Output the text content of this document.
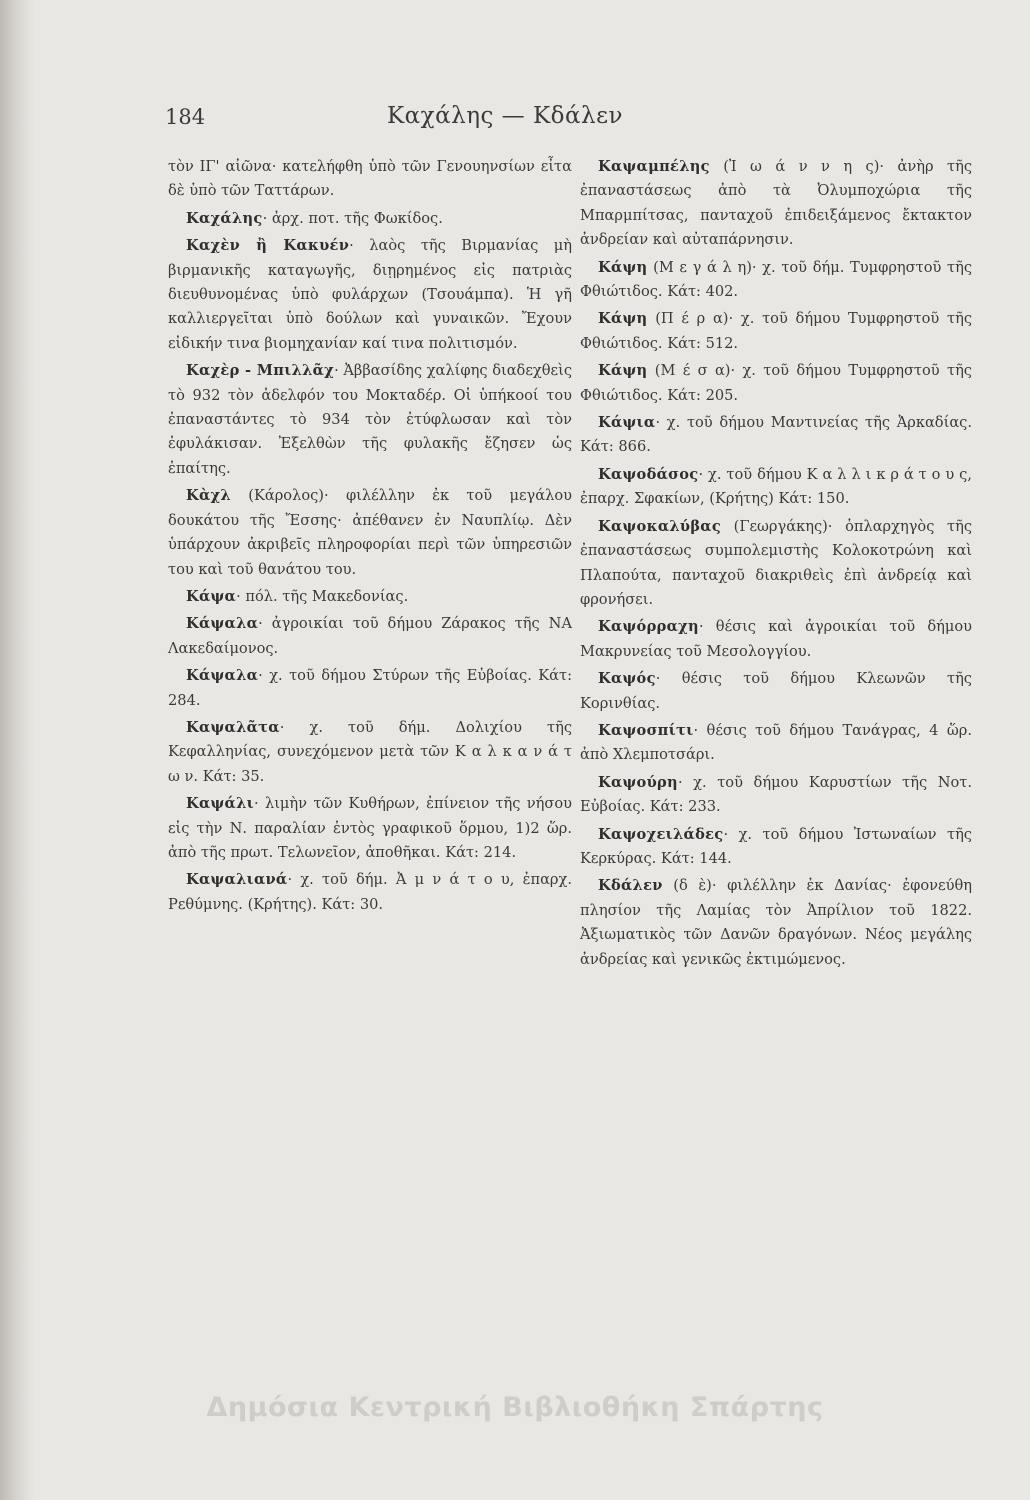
184	Καχάλης — Κδάλεν

τὸν ΙΓ' αἰῶνα· κατελήφθη ὑπὸ τῶν Γενουηνσίων εἶτα δὲ ὑπὸ τῶν Ταττάρων.

Καχάλης· ἀρχ. ποτ. τῆς Φωκίδος.

Καχὲν ἢ Κακυέν· λαὸς τῆς Βιρμανίας μὴ βιρμανικῆς καταγωγῆς, διῃρημένος εἰς πατριὰς διευθυνομένας ὑπὸ φυλάρχων (Τσουάμπα). Ἡ γῆ καλλιεργεῖται ὑπὸ δούλων καὶ γυναικῶν. Ἔχουν εἰδικήν τινα βιομηχανίαν καί τινα πολιτισμόν.

Καχὲρ - Μπιλλᾶχ· Ἀββασίδης χαλίφης διαδεχθεὶς τὸ 932 τὸν ἀδελφόν του Μοκταδέρ. Οἱ ὑπήκοοί του ἐπαναστάντες τὸ 934 τὸν ἐτύφλωσαν καὶ τὸν ἐφυλάκισαν. Ἐξελθὼν τῆς φυλακῆς ἔζησεν ὡς ἐπαίτης.

Κὰχλ (Κάρολος)· φιλέλλην ἐκ τοῦ μεγάλου δουκάτου τῆς Ἔσσης· ἀπέθανεν ἐν Ναυπλίῳ. Δὲν ὑπάρχουν ἀκριβεῖς πληροφορίαι περὶ τῶν ὑπηρεσιῶν του καὶ τοῦ θανάτου του.

Κάψα· πόλ. τῆς Μακεδονίας.

Κάψαλα· ἀγροικίαι τοῦ δήμου Ζάρακος τῆς ΝΑ Λακεδαίμονος.

Κάψαλα· χ. τοῦ δήμου Στύρων τῆς Εὐβοίας. Κάτ: 284.

Καψαλᾶτα· χ. τοῦ δήμ. Δολιχίου τῆς Κεφαλληνίας, συνεχόμενον μετὰ τῶν Κ α λ κ α ν ά τ ω ν. Κάτ: 35.

Καψάλι· λιμὴν τῶν Κυθήρων, ἐπίνειον τῆς νήσου εἰς τὴν Ν. παραλίαν ἐντὸς γραφικοῦ ὅρμου, 1)2 ὥρ. ἀπὸ τῆς πρωτ. Τελωνεῖον, ἀποθῆκαι. Κάτ: 214.

Καψαλιανά· χ. τοῦ δήμ. Ἀ μ ν ά τ ο υ, ἐπαρχ. Ρεθύμνης. (Κρήτης). Κάτ: 30.

Καψαμπέλης (Ἰ ω ά ν ν η ς)· ἀνὴρ τῆς ἐπαναστάσεως ἀπὸ τὰ Ὀλυμποχώρια τῆς Μπαρμπίτσας, πανταχοῦ ἐπιδειξάμενος ἔκτακτον ἀνδρείαν καὶ αὐταπάρνησιν.

Κάψη (Μ ε γ ά λ η)· χ. τοῦ δήμ. Τυμφρηστοῦ τῆς Φθιώτιδος. Κάτ: 402.

Κάψη (Π έ ρ α)· χ. τοῦ δήμου Τυμφρηστοῦ τῆς Φθιώτιδος. Κάτ: 512.

Κάψη (Μ έ σ α)· χ. τοῦ δήμου Τυμφρηστοῦ τῆς Φθιώτιδος. Κάτ: 205.

Κάψια· χ. τοῦ δήμου Μαντινείας τῆς Ἀρκαδίας. Κάτ: 866.

Καψοδάσος· χ. τοῦ δήμου Κ α λ λ ι κ ρ ά τ ο υ ς, ἐπαρχ. Σφακίων, (Κρήτης) Κάτ: 150.

Καψοκαλύβας (Γεωργάκης)· ὁπλαρχηγὸς τῆς ἐπαναστάσεως συμπολεμιστὴς Κολοκοτρώνη καὶ Πλαπούτα, πανταχοῦ διακριθεὶς ἐπὶ ἀνδρείᾳ καὶ φρονήσει.

Καψόρραχη· θέσις καὶ ἀγροικίαι τοῦ δήμου Μακρυνείας τοῦ Μεσολογγίου.

Καψός· θέσις τοῦ δήμου Κλεωνῶν τῆς Κορινθίας.

Καψοσπίτι· θέσις τοῦ δήμου Τανάγρας, 4 ὥρ. ἀπὸ Χλεμποτσάρι.

Καψούρη· χ. τοῦ δήμου Καρυστίων τῆς Νοτ. Εὐβοίας. Κάτ: 233.

Καψοχειλάδες· χ. τοῦ δήμου Ἰστωναίων τῆς Κερκύρας. Κάτ: 144.

Κδάλεν (δ ὲ)· φιλέλλην ἐκ Δανίας· ἐφονεύθη πλησίον τῆς Λαμίας τὸν Ἀπρίλιον τοῦ 1822. Ἀξιωματικὸς τῶν Δανῶν δραγόνων. Νέος μεγάλης ἀνδρείας καὶ γενικῶς ἐκτιμώμενος.

Δημόσια Κεντρική Βιβλιοθήκη Σπάρτης
